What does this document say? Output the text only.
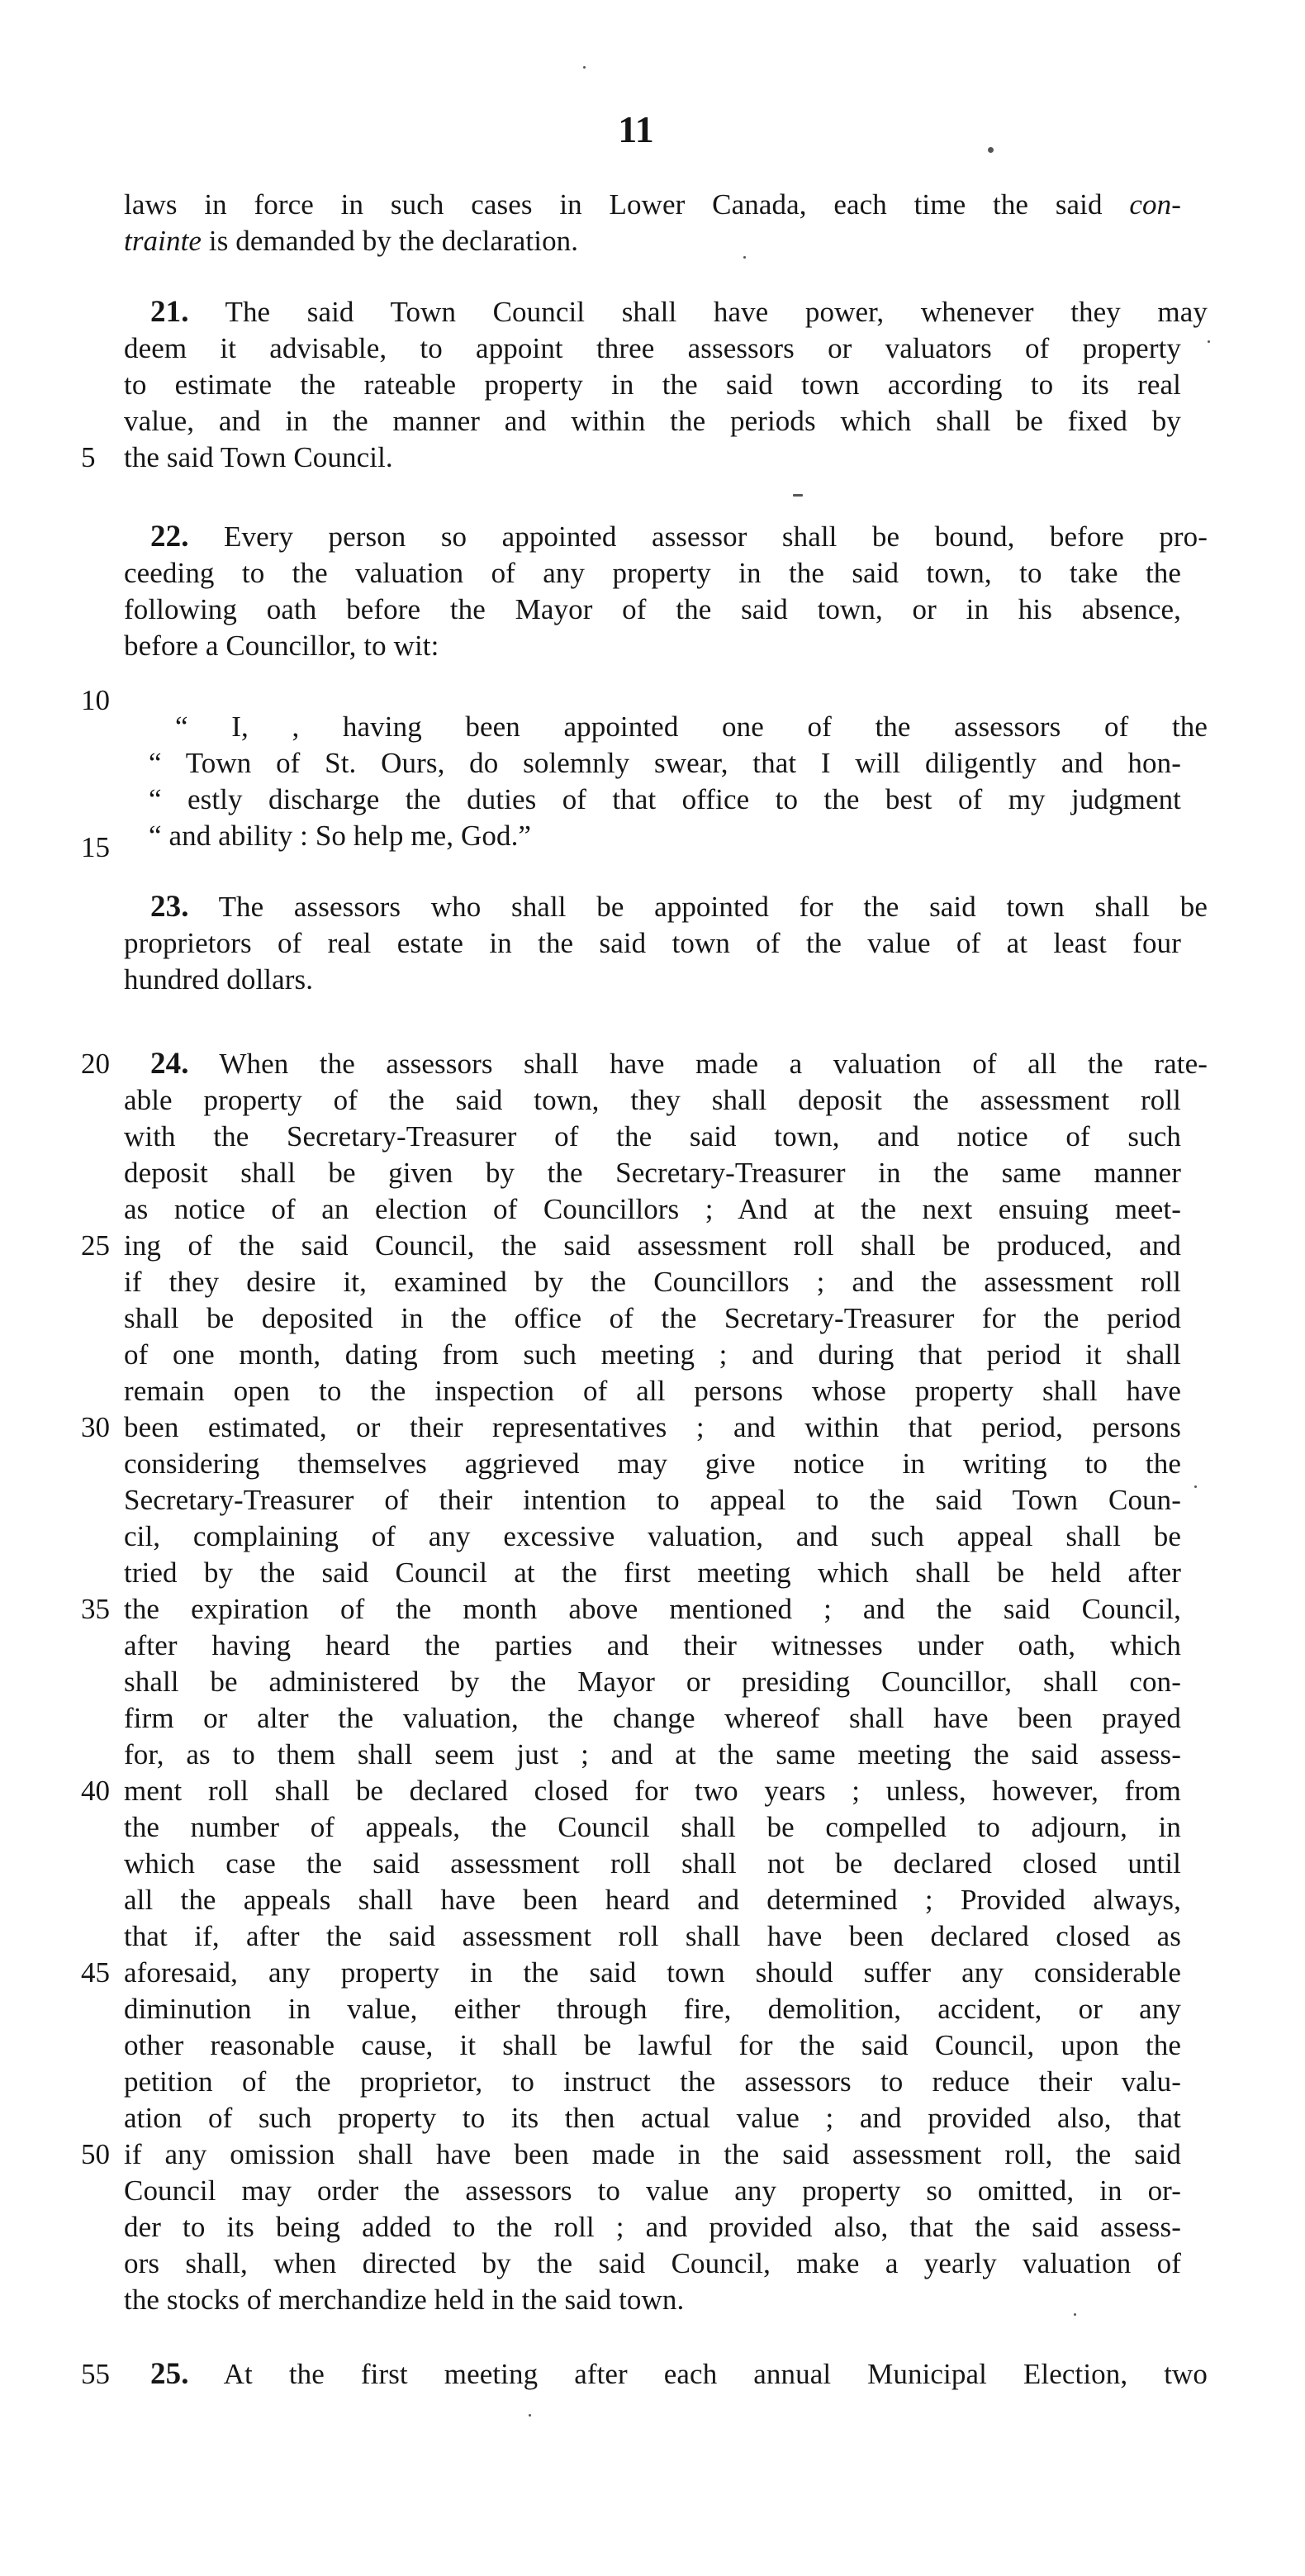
11
5
10
15
20
25
30
35
40
45
50
55
laws in force in such cases in Lower Canada, each time the said con-
trainte is demanded by the declaration.
21. The said Town Council shall have power, whenever they may
deem it advisable, to appoint three assessors or valuators of property
to estimate the rateable property in the said town according to its real
value, and in the manner and within the periods which shall be fixed by
the said Town Council.
22. Every person so appointed assessor shall be bound, before pro-
ceeding to the valuation of any property in the said town, to take the
following oath before the Mayor of the said town, or in his absence,
before a Councillor, to wit:
“ I, , having been appointed one of the assessors of the
“ Town of St. Ours, do solemnly swear, that I will diligently and hon-
“ estly discharge the duties of that office to the best of my judgment
“ and ability : So help me, God.”
23. The assessors who shall be appointed for the said town shall be
proprietors of real estate in the said town of the value of at least four
hundred dollars.
24. When the assessors shall have made a valuation of all the rate-
able property of the said town, they shall deposit the assessment roll
with the Secretary-Treasurer of the said town, and notice of such
deposit shall be given by the Secretary-Treasurer in the same manner
as notice of an election of Councillors ; And at the next ensuing meet-
ing of the said Council, the said assessment roll shall be produced, and
if they desire it, examined by the Councillors ; and the assessment roll
shall be deposited in the office of the Secretary-Treasurer for the period
of one month, dating from such meeting ; and during that period it shall
remain open to the inspection of all persons whose property shall have
been estimated, or their representatives ; and within that period, persons
considering themselves aggrieved may give notice in writing to the
Secretary-Treasurer of their intention to appeal to the said Town Coun-
cil, complaining of any excessive valuation, and such appeal shall be
tried by the said Council at the first meeting which shall be held after
the expiration of the month above mentioned ; and the said Council,
after having heard the parties and their witnesses under oath, which
shall be administered by the Mayor or presiding Councillor, shall con-
firm or alter the valuation, the change whereof shall have been prayed
for, as to them shall seem just ; and at the same meeting the said assess-
ment roll shall be declared closed for two years ; unless, however, from
the number of appeals, the Council shall be compelled to adjourn, in
which case the said assessment roll shall not be declared closed until
all the appeals shall have been heard and determined ; Provided always,
that if, after the said assessment roll shall have been declared closed as
aforesaid, any property in the said town should suffer any considerable
diminution in value, either through fire, demolition, accident, or any
other reasonable cause, it shall be lawful for the said Council, upon the
petition of the proprietor, to instruct the assessors to reduce their valu-
ation of such property to its then actual value ; and provided also, that
if any omission shall have been made in the said assessment roll, the said
Council may order the assessors to value any property so omitted, in or-
der to its being added to the roll ; and provided also, that the said assess-
ors shall, when directed by the said Council, make a yearly valuation of
the stocks of merchandize held in the said town.
25. At the first meeting after each annual Municipal Election, two
